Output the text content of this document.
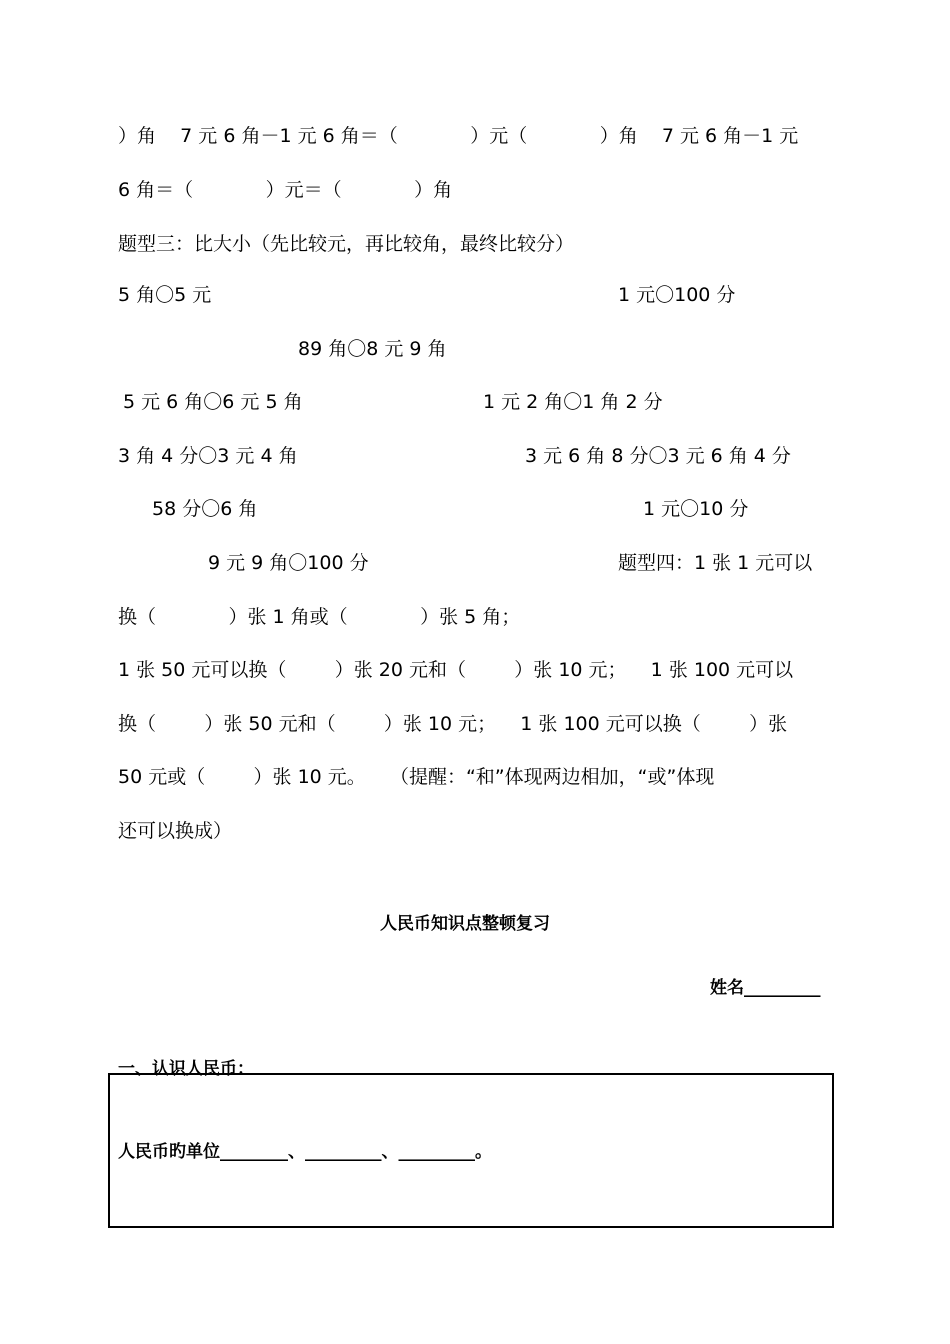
）角    7 元 6 角－1 元 6 角＝（            ）元（            ）角    7 元 6 角－1 元
6 角＝（            ）元＝（            ）角
题型三：比大小（先比较元，再比较角，最终比较分）
5 角〇5 元	1 元〇100 分
89 角〇8 元 9 角
5 元 6 角〇6 元 5 角	1 元 2 角〇1 角 2 分
3 角 4 分〇3 元 4 角	3 元 6 角 8 分〇3 元 6 角 4 分
58 分〇6 角	1 元〇10 分
9 元 9 角〇100 分	题型四：1 张 1 元可以
换（            ）张 1 角或（            ）张 5 角；
1 张 50 元可以换（        ）张 20 元和（        ）张 10 元；    1 张 100 元可以
换（        ）张 50 元和（        ）张 10 元；    1 张 100 元可以换（        ）张
50 元或（        ）张 10 元。    （提醒：“和”体现两边相加，“或”体现
还可以换成）
人民币知识点整顿复习
姓名_________
一、认识人民币：
人民币旳单位________、_________、_________。
